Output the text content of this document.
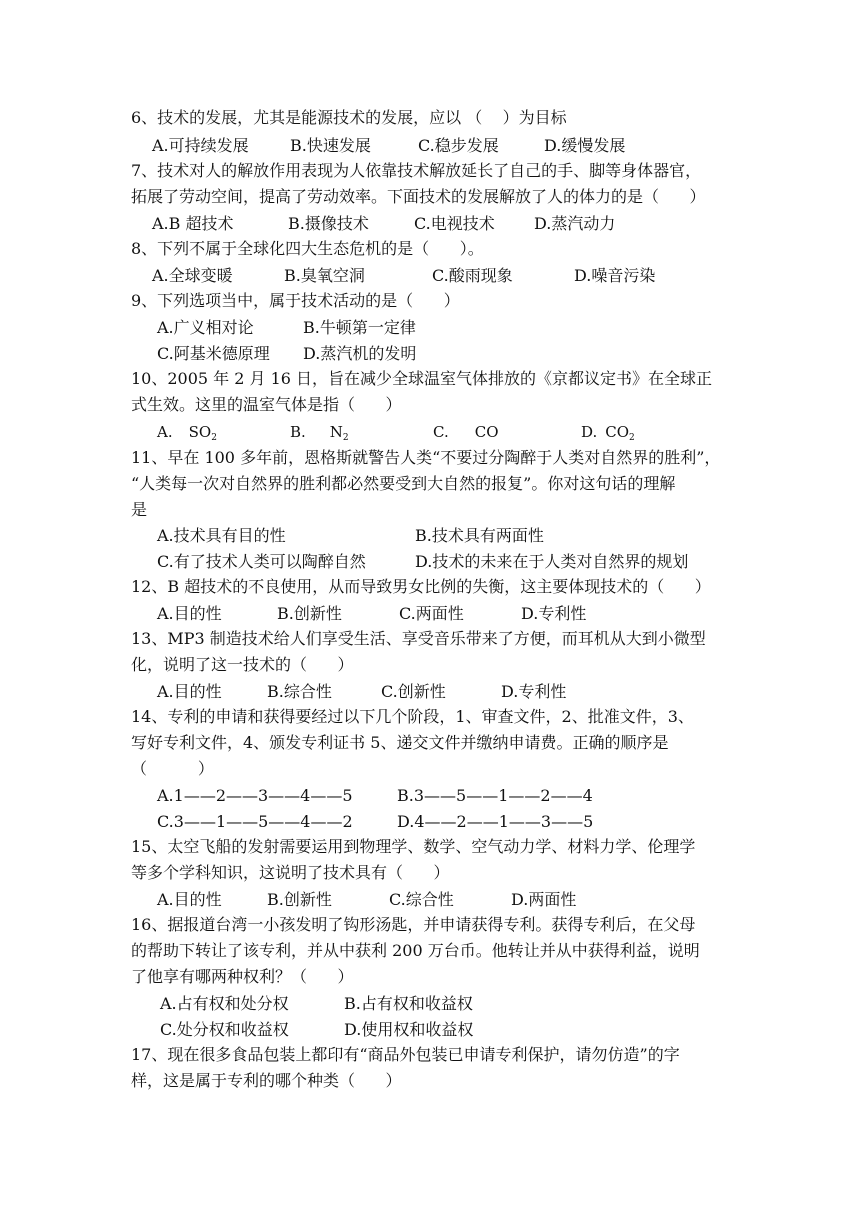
6、技术的发展，尤其是能源技术的发展，应以 （    ）为目标
A.可持续发展	B.快速发展	C.稳步发展	D.缓慢发展
7、技术对人的解放作用表现为人依靠技术解放延长了自己的手、脚等身体器官，
拓展了劳动空间，提高了劳动效率。下面技术的发展解放了人的体力的是（      ）
A.B 超技术	B.摄像技术	C.电视技术 D.蒸汽动力
8、下列不属于全球化四大生态危机的是（      ）。
A.全球变暖	B.臭氧空洞	C.酸雨现象	D.噪音污染
9、下列选项当中，属于技术活动的是（      ）
A.广义相对论	B.牛顿第一定律
C.阿基米德原理 D.蒸汽机的发明
10、2005 年 2 月 16 日，旨在减少全球温室气体排放的《京都议定书》在全球正
式生效。这里的温室气体是指（      ）
A. $SO_2$	B. $N_2$	C. CO	D. $CO_2$
11、早在 100 多年前，恩格斯就警告人类“不要过分陶醉于人类对自然界的胜利”，
“人类每一次对自然界的胜利都必然要受到大自然的报复”。你对这句话的理解
是
A.技术具有目的性	B.技术具有两面性
C.有了技术人类可以陶醉自然	D.技术的未来在于人类对自然界的规划
12、B 超技术的不良使用，从而导致男女比例的失衡，这主要体现技术的（      ）
A.目的性	B.创新性	C.两面性	D.专利性
13、MP3 制造技术给人们享受生活、享受音乐带来了方便，而耳机从大到小微型
化，说明了这一技术的（      ）
A.目的性	B.综合性	C.创新性	D.专利性
14、专利的申请和获得要经过以下几个阶段，1、审查文件，2、批准文件，3、
写好专利文件，4、颁发专利证书 5、递交文件并缴纳申请费。正确的顺序是
（          ）
A.1——2——3——4——5	B.3——5——1——2——4
C.3——1——5——4——2	D.4——2——1——3——5
15、太空飞船的发射需要运用到物理学、数学、空气动力学、材料力学、伦理学
等多个学科知识，这说明了技术具有（      ）
A.目的性	B.创新性	C.综合性	D.两面性
16、据报道台湾一小孩发明了钩形汤匙，并申请获得专利。获得专利后，在父母
的帮助下转让了该专利，并从中获利 200 万台币。他转让并从中获得利益，说明
了他享有哪两种权利？（      ）
A.占有权和处分权	B.占有权和收益权
C.处分权和收益权	D.使用权和收益权
17、现在很多食品包装上都印有“商品外包装已申请专利保护，请勿仿造”的字
样，这是属于专利的哪个种类（      ）
